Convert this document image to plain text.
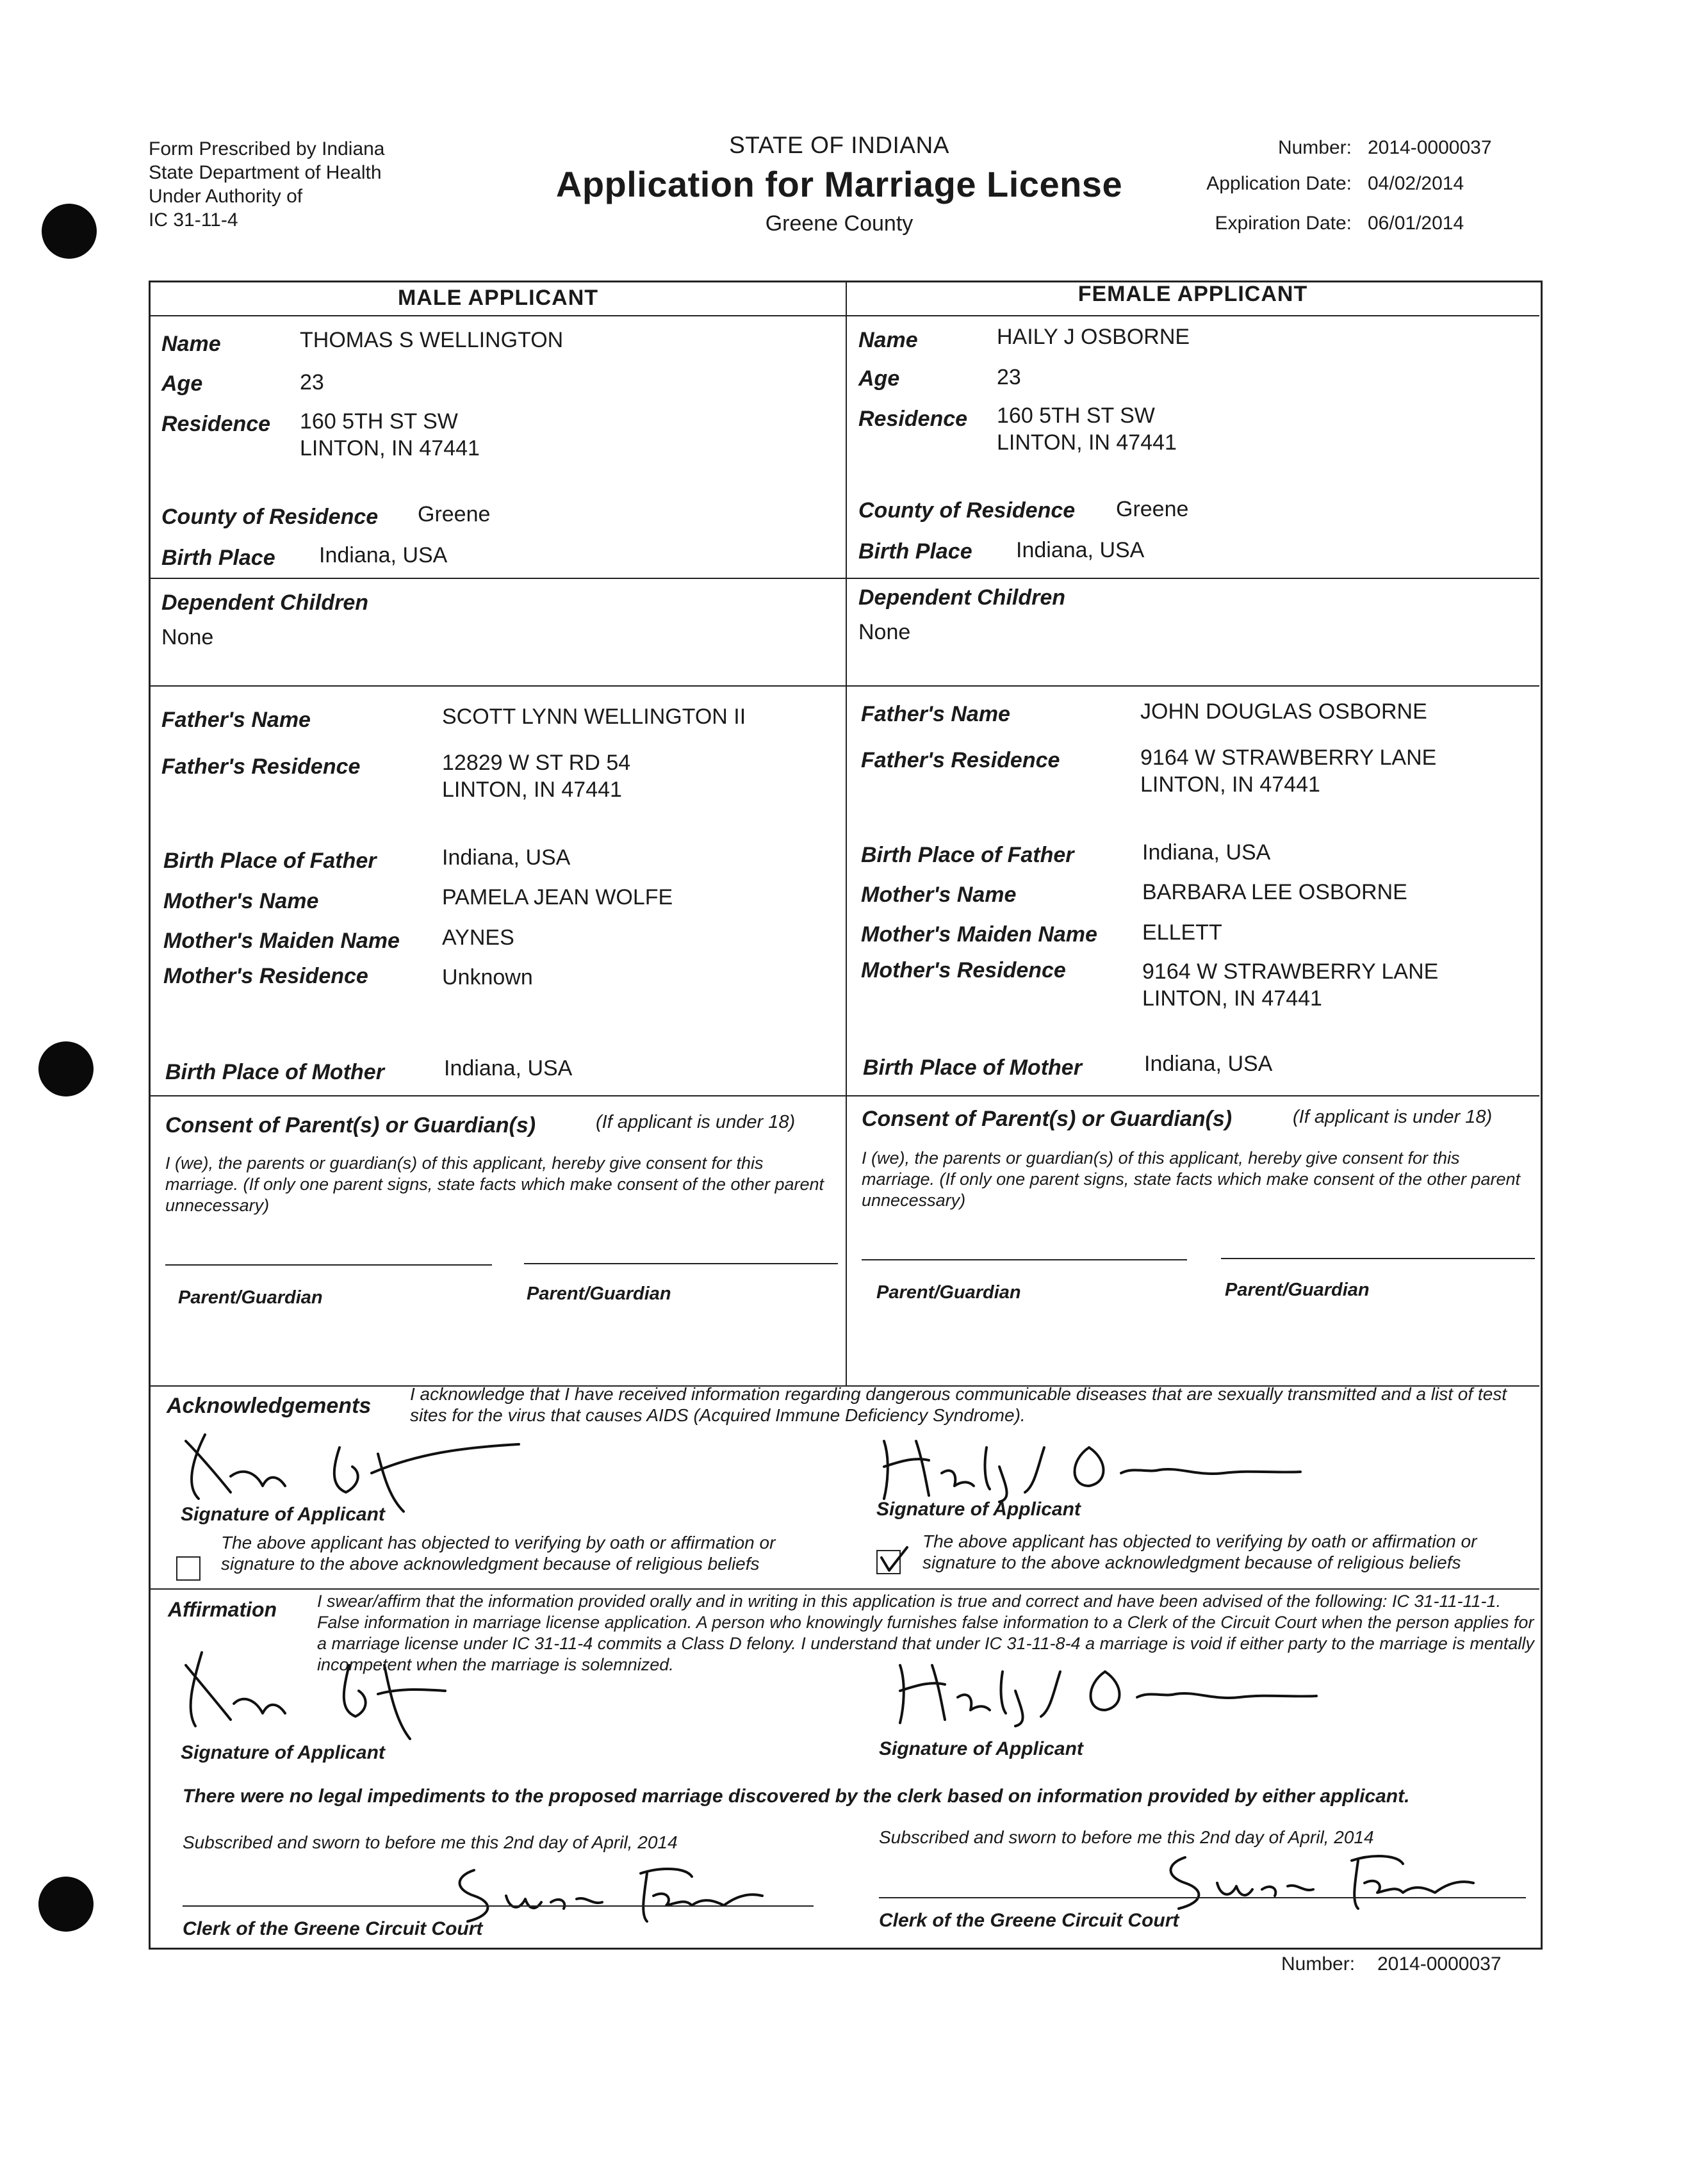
Form Prescribed by Indiana
State Department of Health
Under Authority of
IC 31-11-4
STATE OF INDIANA
Application for Marriage License
Greene County
Number: 2014-0000037
Application Date: 04/02/2014
Expiration Date: 06/01/2014
MALE APPLICANT	FEMALE APPLICANT
Name	THOMAS S WELLINGTON
Age	23
Residence 160 5TH ST SW
LINTON, IN 47441
County of Residence Greene
Birth Place Indiana, USA
Dependent Children
None
Father's Name	SCOTT LYNN WELLINGTON II
Father's Residence	12829 W ST RD 54
LINTON, IN 47441
Birth Place of Father	Indiana, USA
Mother's Name	PAMELA JEAN WOLFE
Mother's Maiden Name AYNES
Mother's Residence	Unknown
Birth Place of Mother	Indiana, USA
Name	HAILY J OSBORNE
Age	23
Residence 160 5TH ST SW
LINTON, IN 47441
County of Residence Greene
Birth Place Indiana, USA
Dependent Children
None
Father's Name	JOHN DOUGLAS OSBORNE
Father's Residence	9164 W STRAWBERRY LANE
LINTON, IN 47441
Birth Place of Father	Indiana, USA
Mother's Name	BARBARA LEE OSBORNE
Mother's Maiden Name ELLETT
Mother's Residence	9164 W STRAWBERRY LANE
LINTON, IN 47441
Birth Place of Mother	Indiana, USA
Consent of Parent(s) or Guardian(s)	(If applicant is under 18)
I (we), the parents or guardian(s) of this applicant, hereby give consent for this marriage. (If only one parent signs, state facts which make consent of the other parent unnecessary)
Parent/Guardian	Parent/Guardian
Consent of Parent(s) or Guardian(s)	(If applicant is under 18)
I (we), the parents or guardian(s) of this applicant, hereby give consent for this marriage. (If only one parent signs, state facts which make consent of the other parent unnecessary)
Parent/Guardian	Parent/Guardian
Acknowledgements I acknowledge that I have received information regarding dangerous communicable diseases that are sexually transmitted and a list of test sites for the virus that causes AIDS (Acquired Immune Deficiency Syndrome).
Signature of Applicant
The above applicant has objected to verifying by oath or affirmation or signature to the above acknowledgment because of religious beliefs
Signature of Applicant
The above applicant has objected to verifying by oath or affirmation or signature to the above acknowledgment because of religious beliefs
Affirmation I swear/affirm that the information provided orally and in writing in this application is true and correct and have been advised of the following: IC 31-11-11-1. False information in marriage license application. A person who knowingly furnishes false information to a Clerk of the Circuit Court when the person applies for a marriage license under IC 31-11-4 commits a Class D felony. I understand that under IC 31-11-8-4 a marriage is void if either party to the marriage is mentally incompetent when the marriage is solemnized.
Signature of Applicant	Signature of Applicant
There were no legal impediments to the proposed marriage discovered by the clerk based on information provided by either applicant.
Subscribed and sworn to before me this 2nd day of April, 2014	Subscribed and sworn to before me this 2nd day of April, 2014
Clerk of the Greene Circuit Court	Clerk of the Greene Circuit Court
Number: 2014-0000037
